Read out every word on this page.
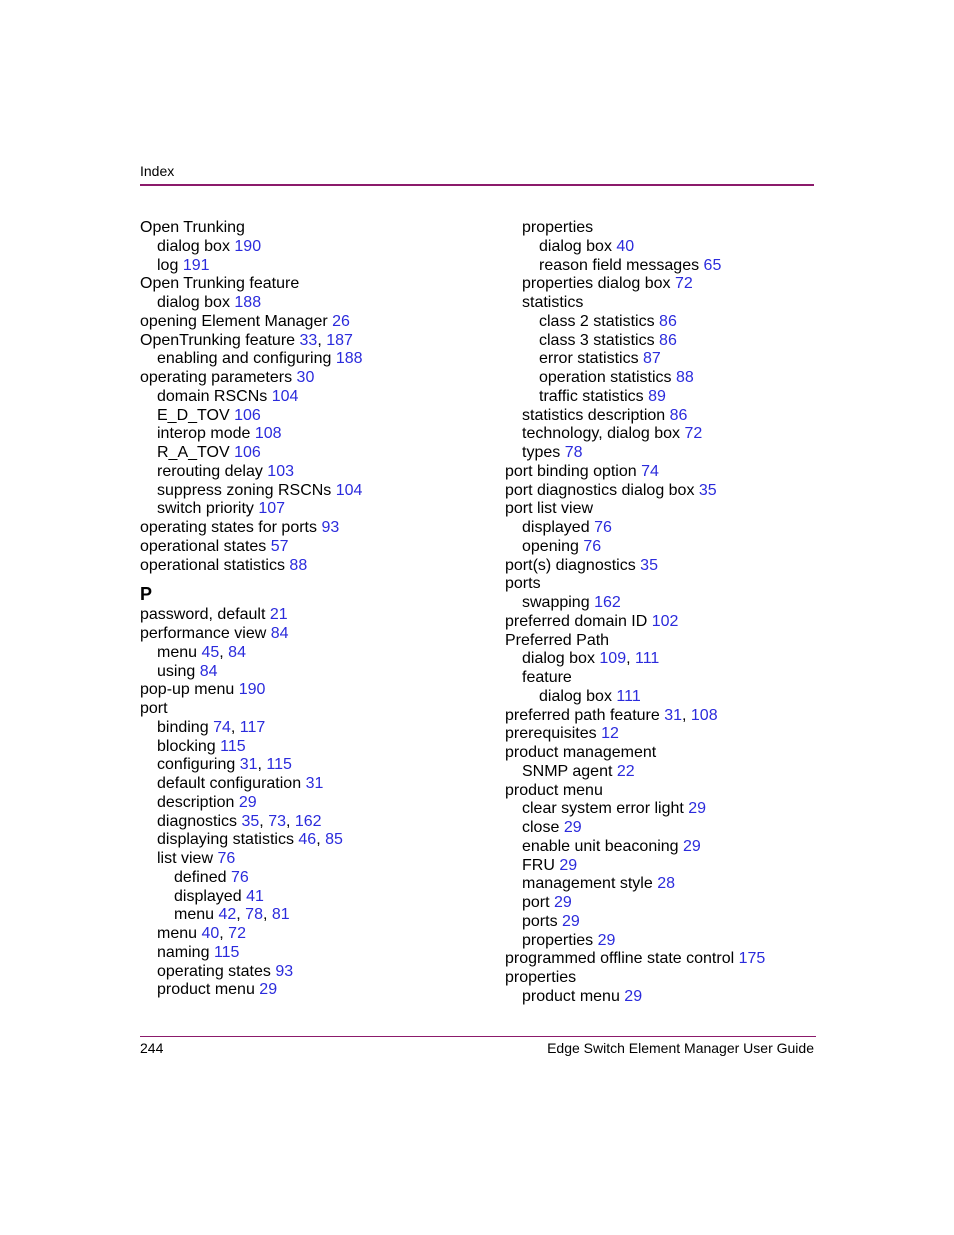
Index
Open Trunking
dialog box 190
log 191
Open Trunking feature
dialog box 188
opening Element Manager 26
OpenTrunking feature 33, 187
enabling and configuring 188
operating parameters 30
domain RSCNs 104
E_D_TOV 106
interop mode 108
R_A_TOV 106
rerouting delay 103
suppress zoning RSCNs 104
switch priority 107
operating states for ports 93
operational states 57
operational statistics 88
P
password, default 21
performance view 84
menu 45, 84
using 84
pop-up menu 190
port
binding 74, 117
blocking 115
configuring 31, 115
default configuration 31
description 29
diagnostics 35, 73, 162
displaying statistics 46, 85
list view 76
defined 76
displayed 41
menu 42, 78, 81
menu 40, 72
naming 115
operating states 93
product menu 29
properties
dialog box 40
reason field messages 65
properties dialog box 72
statistics
class 2 statistics 86
class 3 statistics 86
error statistics 87
operation statistics 88
traffic statistics 89
statistics description 86
technology, dialog box 72
types 78
port binding option 74
port diagnostics dialog box 35
port list view
displayed 76
opening 76
port(s) diagnostics 35
ports
swapping 162
preferred domain ID 102
Preferred Path
dialog box 109, 111
feature
dialog box 111
preferred path feature 31, 108
prerequisites 12
product management
SNMP agent 22
product menu
clear system error light 29
close 29
enable unit beaconing 29
FRU 29
management style 28
port 29
ports 29
properties 29
programmed offline state control 175
properties
product menu 29
244	Edge Switch Element Manager User Guide
